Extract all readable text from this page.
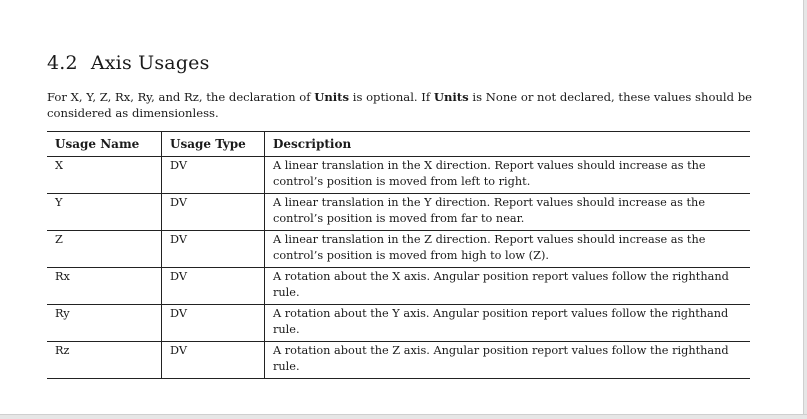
4.2 Axis Usages

For X, Y, Z, Rx, Ry, and Rz, the declaration of Units is optional. If Units is None or not declared, these values should be considered as dimensionless.

Usage Name	Usage Type	Description
X	DV	A linear translation in the X direction. Report values should increase as the control’s position is moved from left to right.
Y	DV	A linear translation in the Y direction. Report values should increase as the control’s position is moved from far to near.
Z	DV	A linear translation in the Z direction. Report values should increase as the control’s position is moved from high to low (Z).
Rx	DV	A rotation about the X axis. Angular position report values follow the righthand rule.
Ry	DV	A rotation about the Y axis. Angular position report values follow the righthand rule.
Rz	DV	A rotation about the Z axis. Angular position report values follow the righthand rule.
